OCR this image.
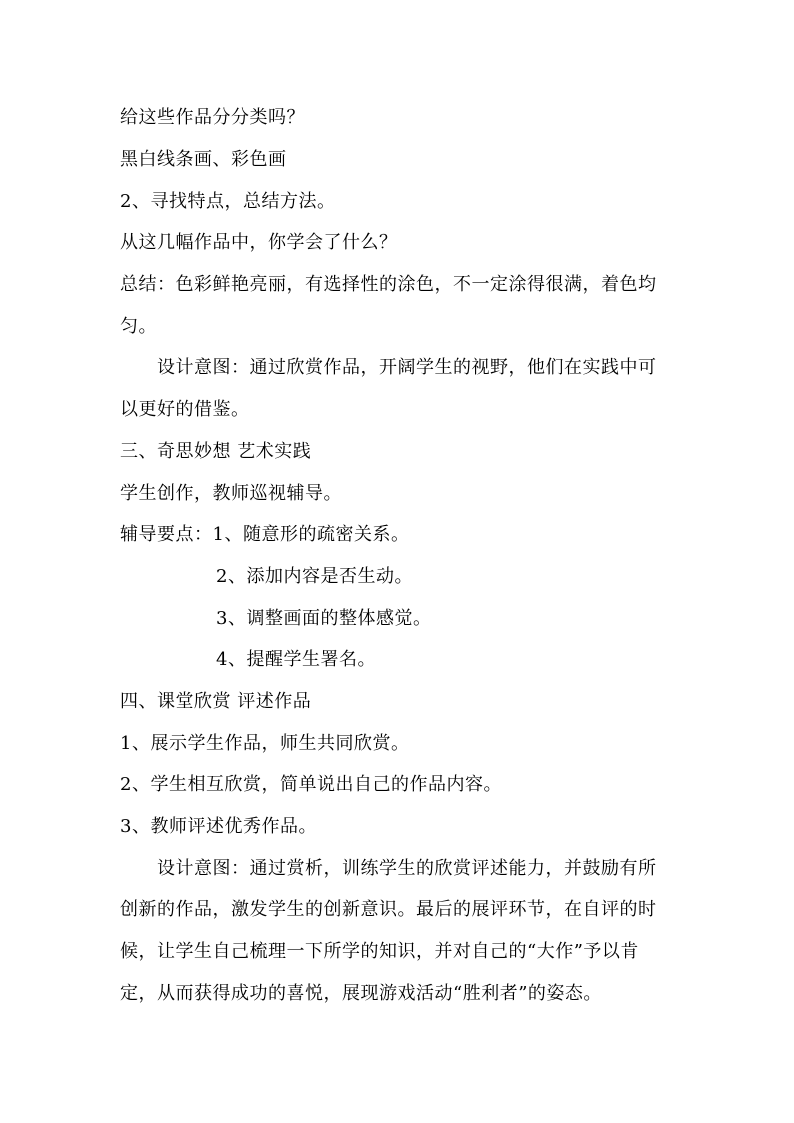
给这些作品分分类吗？
黑白线条画、彩色画
2、寻找特点，总结方法。
从这几幅作品中，你学会了什么？
总结：色彩鲜艳亮丽，有选择性的涂色，不一定涂得很满，着色均
匀。
设计意图：通过欣赏作品，开阔学生的视野，他们在实践中可
以更好的借鉴。
三、奇思妙想 艺术实践
学生创作，教师巡视辅导。
辅导要点：1、随意形的疏密关系。
2、添加内容是否生动。
3、调整画面的整体感觉。
4、提醒学生署名。
四、课堂欣赏 评述作品
1、展示学生作品，师生共同欣赏。
2、学生相互欣赏，简单说出自己的作品内容。
3、教师评述优秀作品。
设计意图：通过赏析，训练学生的欣赏评述能力，并鼓励有所
创新的作品，激发学生的创新意识。最后的展评环节，在自评的时
候，让学生自己梳理一下所学的知识，并对自己的“大作”予以肯
定，从而获得成功的喜悦，展现游戏活动“胜利者”的姿态。
